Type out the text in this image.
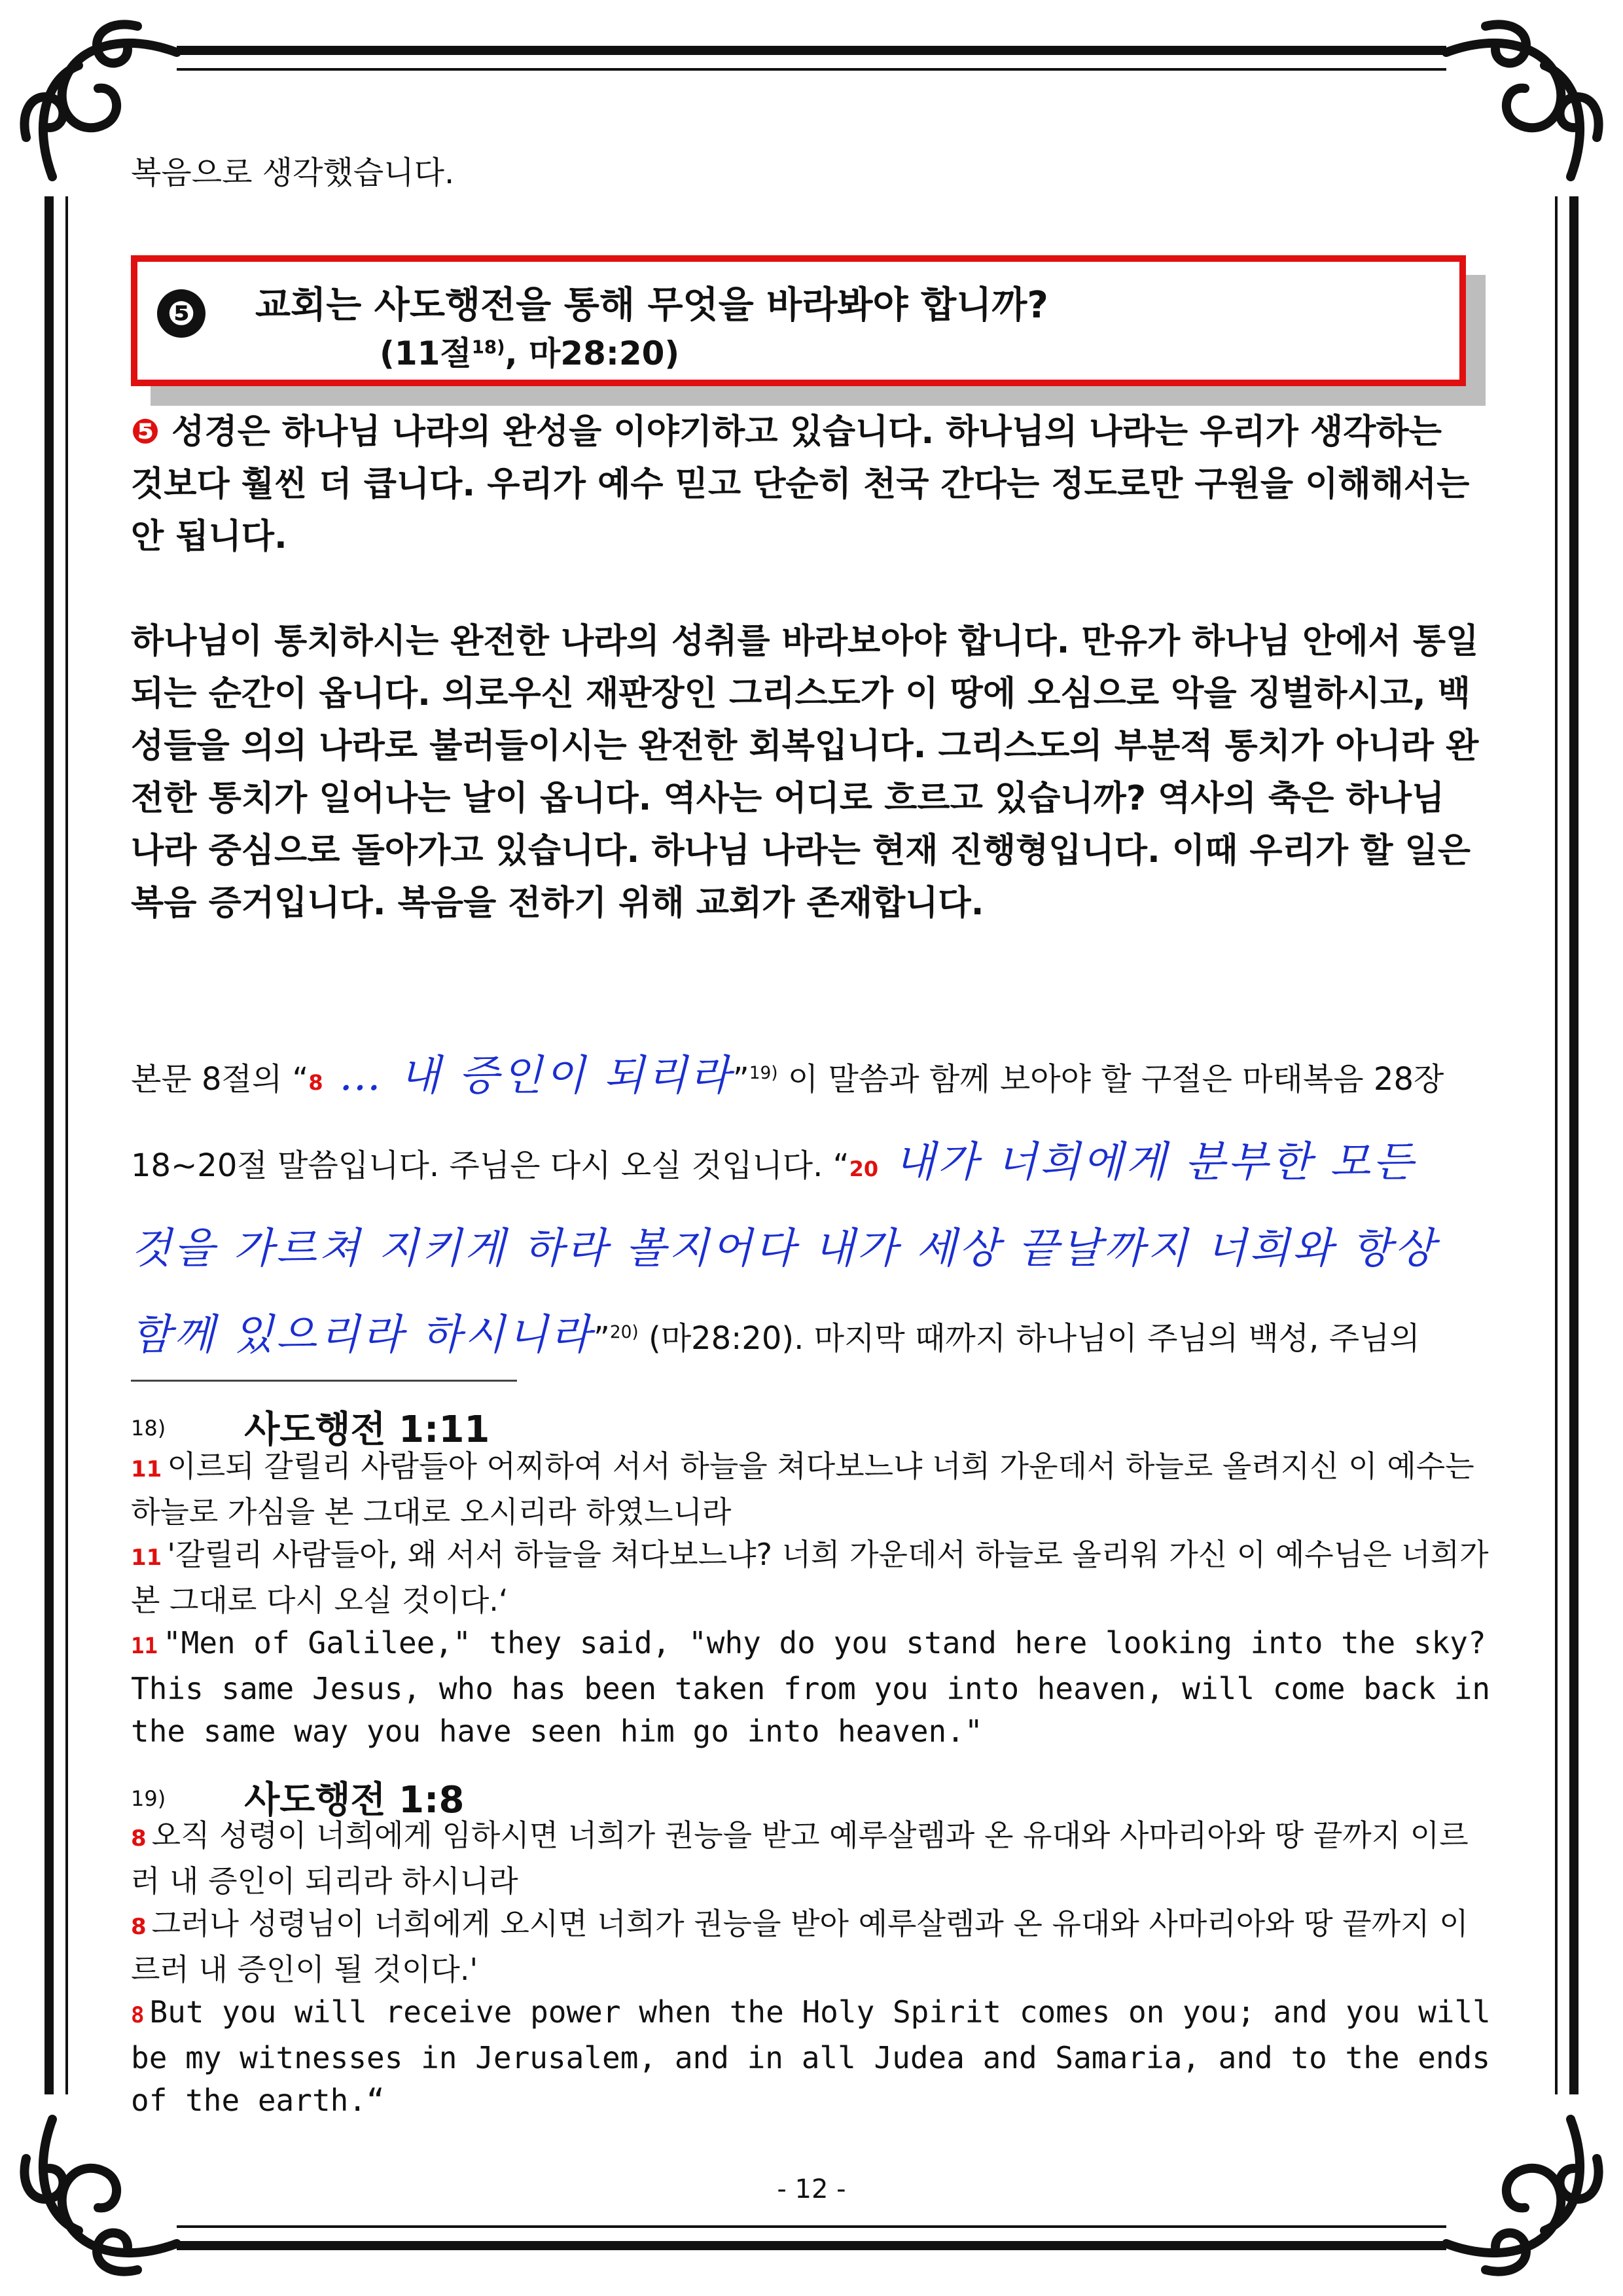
복음으로 생각했습니다.
❺ 교회는 사도행전을 통해 무엇을 바라봐야 합니까?
(11절$^{18)}$, 마28:20)
❺ 성경은 하나님 나라의 완성을 이야기하고 있습니다. 하나님의 나라는 우리가 생각하는 것보다 훨씬 더 큽니다. 우리가 예수 믿고 단순히 천국 간다는 정도로만 구원을 이해해서는 안 됩니다.
하나님이 통치하시는 완전한 나라의 성취를 바라보아야 합니다. 만유가 하나님 안에서 통일되는 순간이 옵니다. 의로우신 재판장인 그리스도가 이 땅에 오심으로 악을 징벌하시고, 백성들을 의의 나라로 불러들이시는 완전한 회복입니다. 그리스도의 부분적 통치가 아니라 완전한 통치가 일어나는 날이 옵니다. 역사는 어디로 흐르고 있습니까? 역사의 축은 하나님 나라 중심으로 돌아가고 있습니다. 하나님 나라는 현재 진행형입니다. 이때 우리가 할 일은 복음 증거입니다. 복음을 전하기 위해 교회가 존재합니다.
본문 8절의 “8 … 내 증인이 되리라”$^{19)}$ 이 말씀과 함께 보아야 할 구절은 마태복음 28장
18~20절 말씀입니다. 주님은 다시 오실 것입니다. “20 내가 너희에게 분부한 모든
것을 가르쳐 지키게 하라 볼지어다 내가 세상 끝날까지 너희와 항상
함께 있으리라 하시니라”$^{20)}$ (마28:20). 마지막 때까지 하나님이 주님의 백성, 주님의
18) 사도행전 1:11
11 이르되 갈릴리 사람들아 어찌하여 서서 하늘을 쳐다보느냐 너희 가운데서 하늘로 올려지신 이 예수는 하늘로 가심을 본 그대로 오시리라 하였느니라
11 '갈릴리 사람들아, 왜 서서 하늘을 쳐다보느냐? 너희 가운데서 하늘로 올리워 가신 이 예수님은 너희가 본 그대로 다시 오실 것이다.‘
11 "Men of Galilee," they said, "why do you stand here looking into the sky? This same Jesus, who has been taken from you into heaven, will come back in the same way you have seen him go into heaven."
19) 사도행전 1:8
8 오직 성령이 너희에게 임하시면 너희가 권능을 받고 예루살렘과 온 유대와 사마리아와 땅 끝까지 이르러 내 증인이 되리라 하시니라
8 그러나 성령님이 너희에게 오시면 너희가 권능을 받아 예루살렘과 온 유대와 사마리아와 땅 끝까지 이르러 내 증인이 될 것이다.'
8 But you will receive power when the Holy Spirit comes on you; and you will be my witnesses in Jerusalem, and in all Judea and Samaria, and to the ends of the earth.“
- 12 -
